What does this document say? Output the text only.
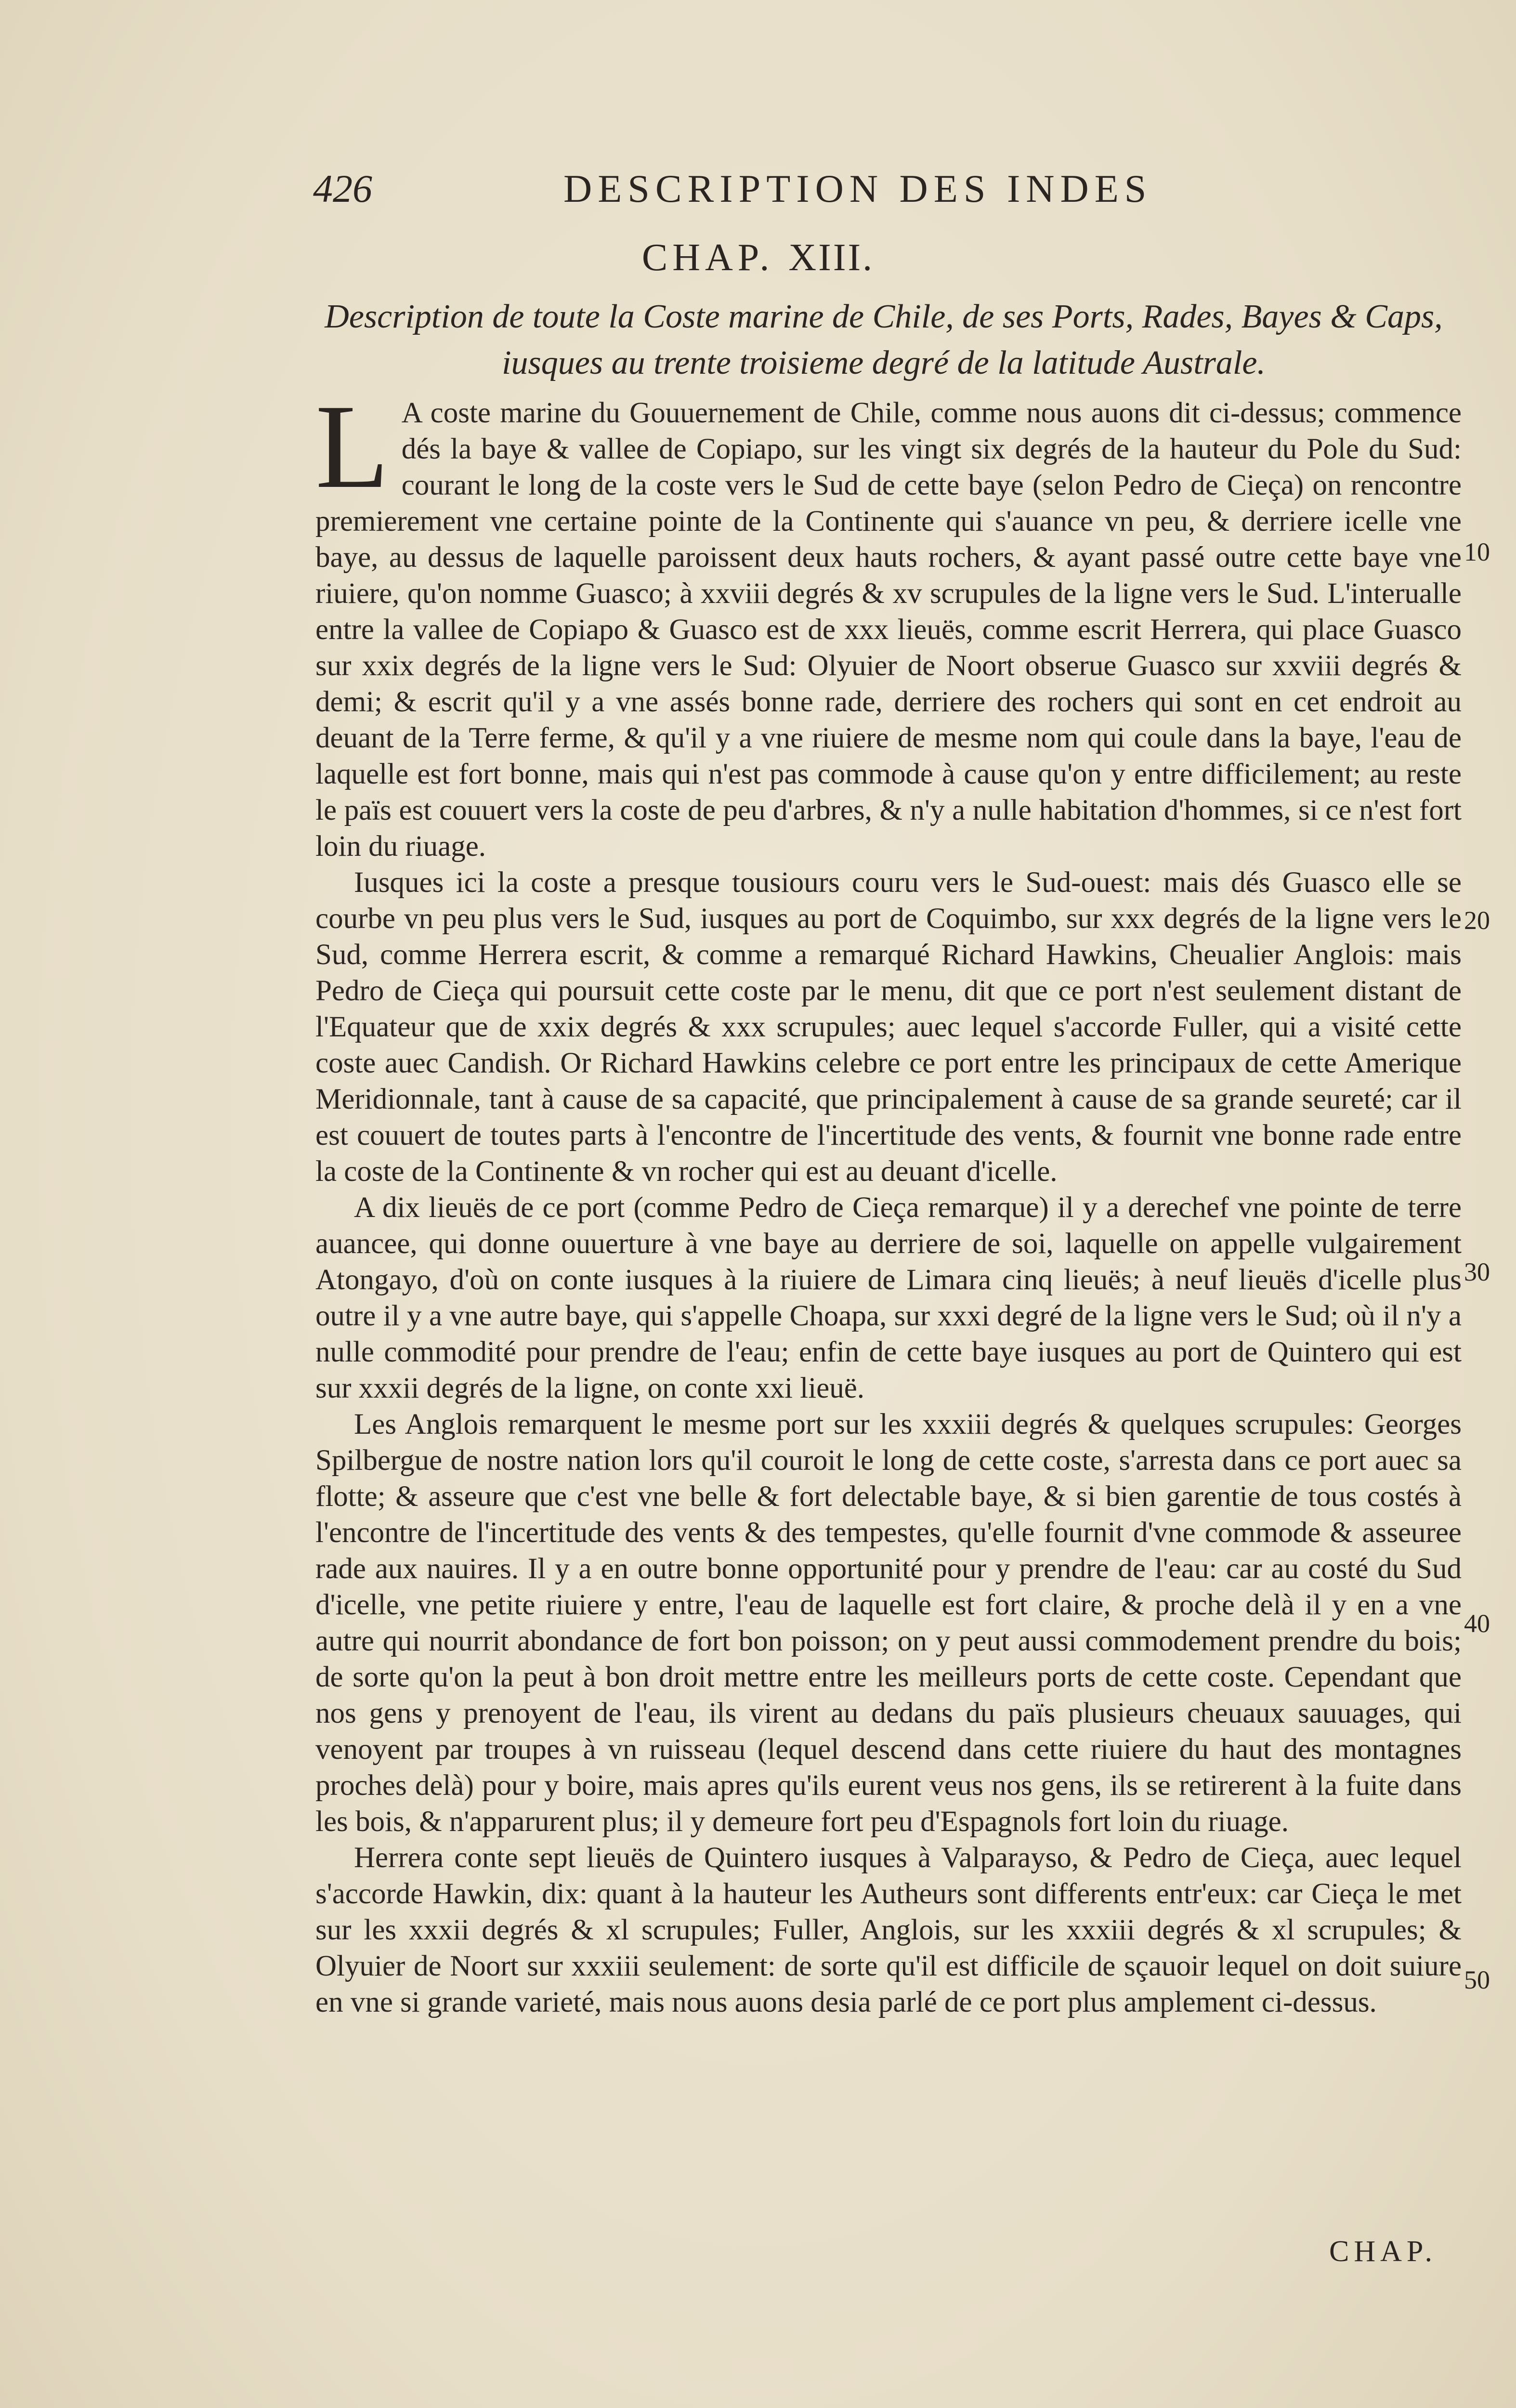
426	DESCRIPTION DES INDES
CHAP. XIII.
Description de toute la Coste marine de Chile, de ses Ports, Rades, Bayes & Caps, iusques au trente troisieme degré de la latitude Australe.

L A coste marine du Gouuernement de Chile, comme nous auons dit ci-dessus; commence dés la baye & vallee de Copiapo, sur les vingt six degrés de la hauteur du Pole du Sud: courant le long de la coste vers le Sud de cette baye (selon Pedro de Cieça) on rencontre premierement vne certaine pointe de la Continente qui s'auance vn peu, & derriere icelle vne baye, au dessus de laquelle paroissent deux hauts rochers, & ayant passé outre cette baye vne riuiere, qu'on nomme Guasco; à xxviii degrés & xv scrupules de la ligne vers le Sud. L'interualle entre la vallee de Copiapo & Guasco est de xxx lieuës, comme escrit Herrera, qui place Guasco sur xxix degrés de la ligne vers le Sud: Olyuier de Noort obserue Guasco sur xxviii degrés & demi; & escrit qu'il y a vne assés bonne rade, derriere des rochers qui sont en cet endroit au deuant de la Terre ferme, & qu'il y a vne riuiere de mesme nom qui coule dans la baye, l'eau de laquelle est fort bonne, mais qui n'est pas commode à cause qu'on y entre difficilement; au reste le païs est couuert vers la coste de peu d'arbres, & n'y a nulle habitation d'hommes, si ce n'est fort loin du riuage.

Iusques ici la coste a presque tousiours couru vers le Sud-ouest: mais dés Guasco elle se courbe vn peu plus vers le Sud, iusques au port de Coquimbo, sur xxx degrés de la ligne vers le Sud, comme Herrera escrit, & comme a remarqué Richard Hawkins, Cheualier Anglois: mais Pedro de Cieça qui poursuit cette coste par le menu, dit que ce port n'est seulement distant de l'Equateur que de xxix degrés & xxx scrupules; auec lequel s'accorde Fuller, qui a visité cette coste auec Candish. Or Richard Hawkins celebre ce port entre les principaux de cette Amerique Meridionnale, tant à cause de sa capacité, que principalement à cause de sa grande seureté; car il est couuert de toutes parts à l'encontre de l'incertitude des vents, & fournit vne bonne rade entre la coste de la Continente & vn rocher qui est au deuant d'icelle.

A dix lieuës de ce port (comme Pedro de Cieça remarque) il y a derechef vne pointe de terre auancee, qui donne ouuerture à vne baye au derriere de soi, laquelle on appelle vulgairement Atongayo, d'où on conte iusques à la riuiere de Limara cinq lieuës; à neuf lieuës d'icelle plus outre il y a vne autre baye, qui s'appelle Choapa, sur xxxi degré de la ligne vers le Sud; où il n'y a nulle commodité pour prendre de l'eau; enfin de cette baye iusques au port de Quintero qui est sur xxxii degrés de la ligne, on conte xxi lieuë.

Les Anglois remarquent le mesme port sur les xxxiii degrés & quelques scrupules: Georges Spilbergue de nostre nation lors qu'il couroit le long de cette coste, s'arresta dans ce port auec sa flotte; & asseure que c'est vne belle & fort delectable baye, & si bien garentie de tous costés à l'encontre de l'incertitude des vents & des tempestes, qu'elle fournit d'vne commode & asseuree rade aux nauires. Il y a en outre bonne opportunité pour y prendre de l'eau: car au costé du Sud d'icelle, vne petite riuiere y entre, l'eau de laquelle est fort claire, & proche delà il y en a vne autre qui nourrit abondance de fort bon poisson; on y peut aussi commodement prendre du bois; de sorte qu'on la peut à bon droit mettre entre les meilleurs ports de cette coste. Cependant que nos gens y prenoyent de l'eau, ils virent au dedans du païs plusieurs cheuaux sauuages, qui venoyent par troupes à vn ruisseau (lequel descend dans cette riuiere du haut des montagnes proches delà) pour y boire, mais apres qu'ils eurent veus nos gens, ils se retirerent à la fuite dans les bois, & n'apparurent plus; il y demeure fort peu d'Espagnols fort loin du riuage.

Herrera conte sept lieuës de Quintero iusques à Valparayso, & Pedro de Cieça, auec lequel s'accorde Hawkin, dix: quant à la hauteur les Autheurs sont differents entr'eux: car Cieça le met sur les xxxii degrés & xl scrupules; Fuller, Anglois, sur les xxxiii degrés & xl scrupules; & Olyuier de Noort sur xxxiii seulement: de sorte qu'il est difficile de sçauoir lequel on doit suiure en vne si grande varieté, mais nous auons desia parlé de ce port plus amplement ci-dessus.

10
20
30
40
50
CHAP.
